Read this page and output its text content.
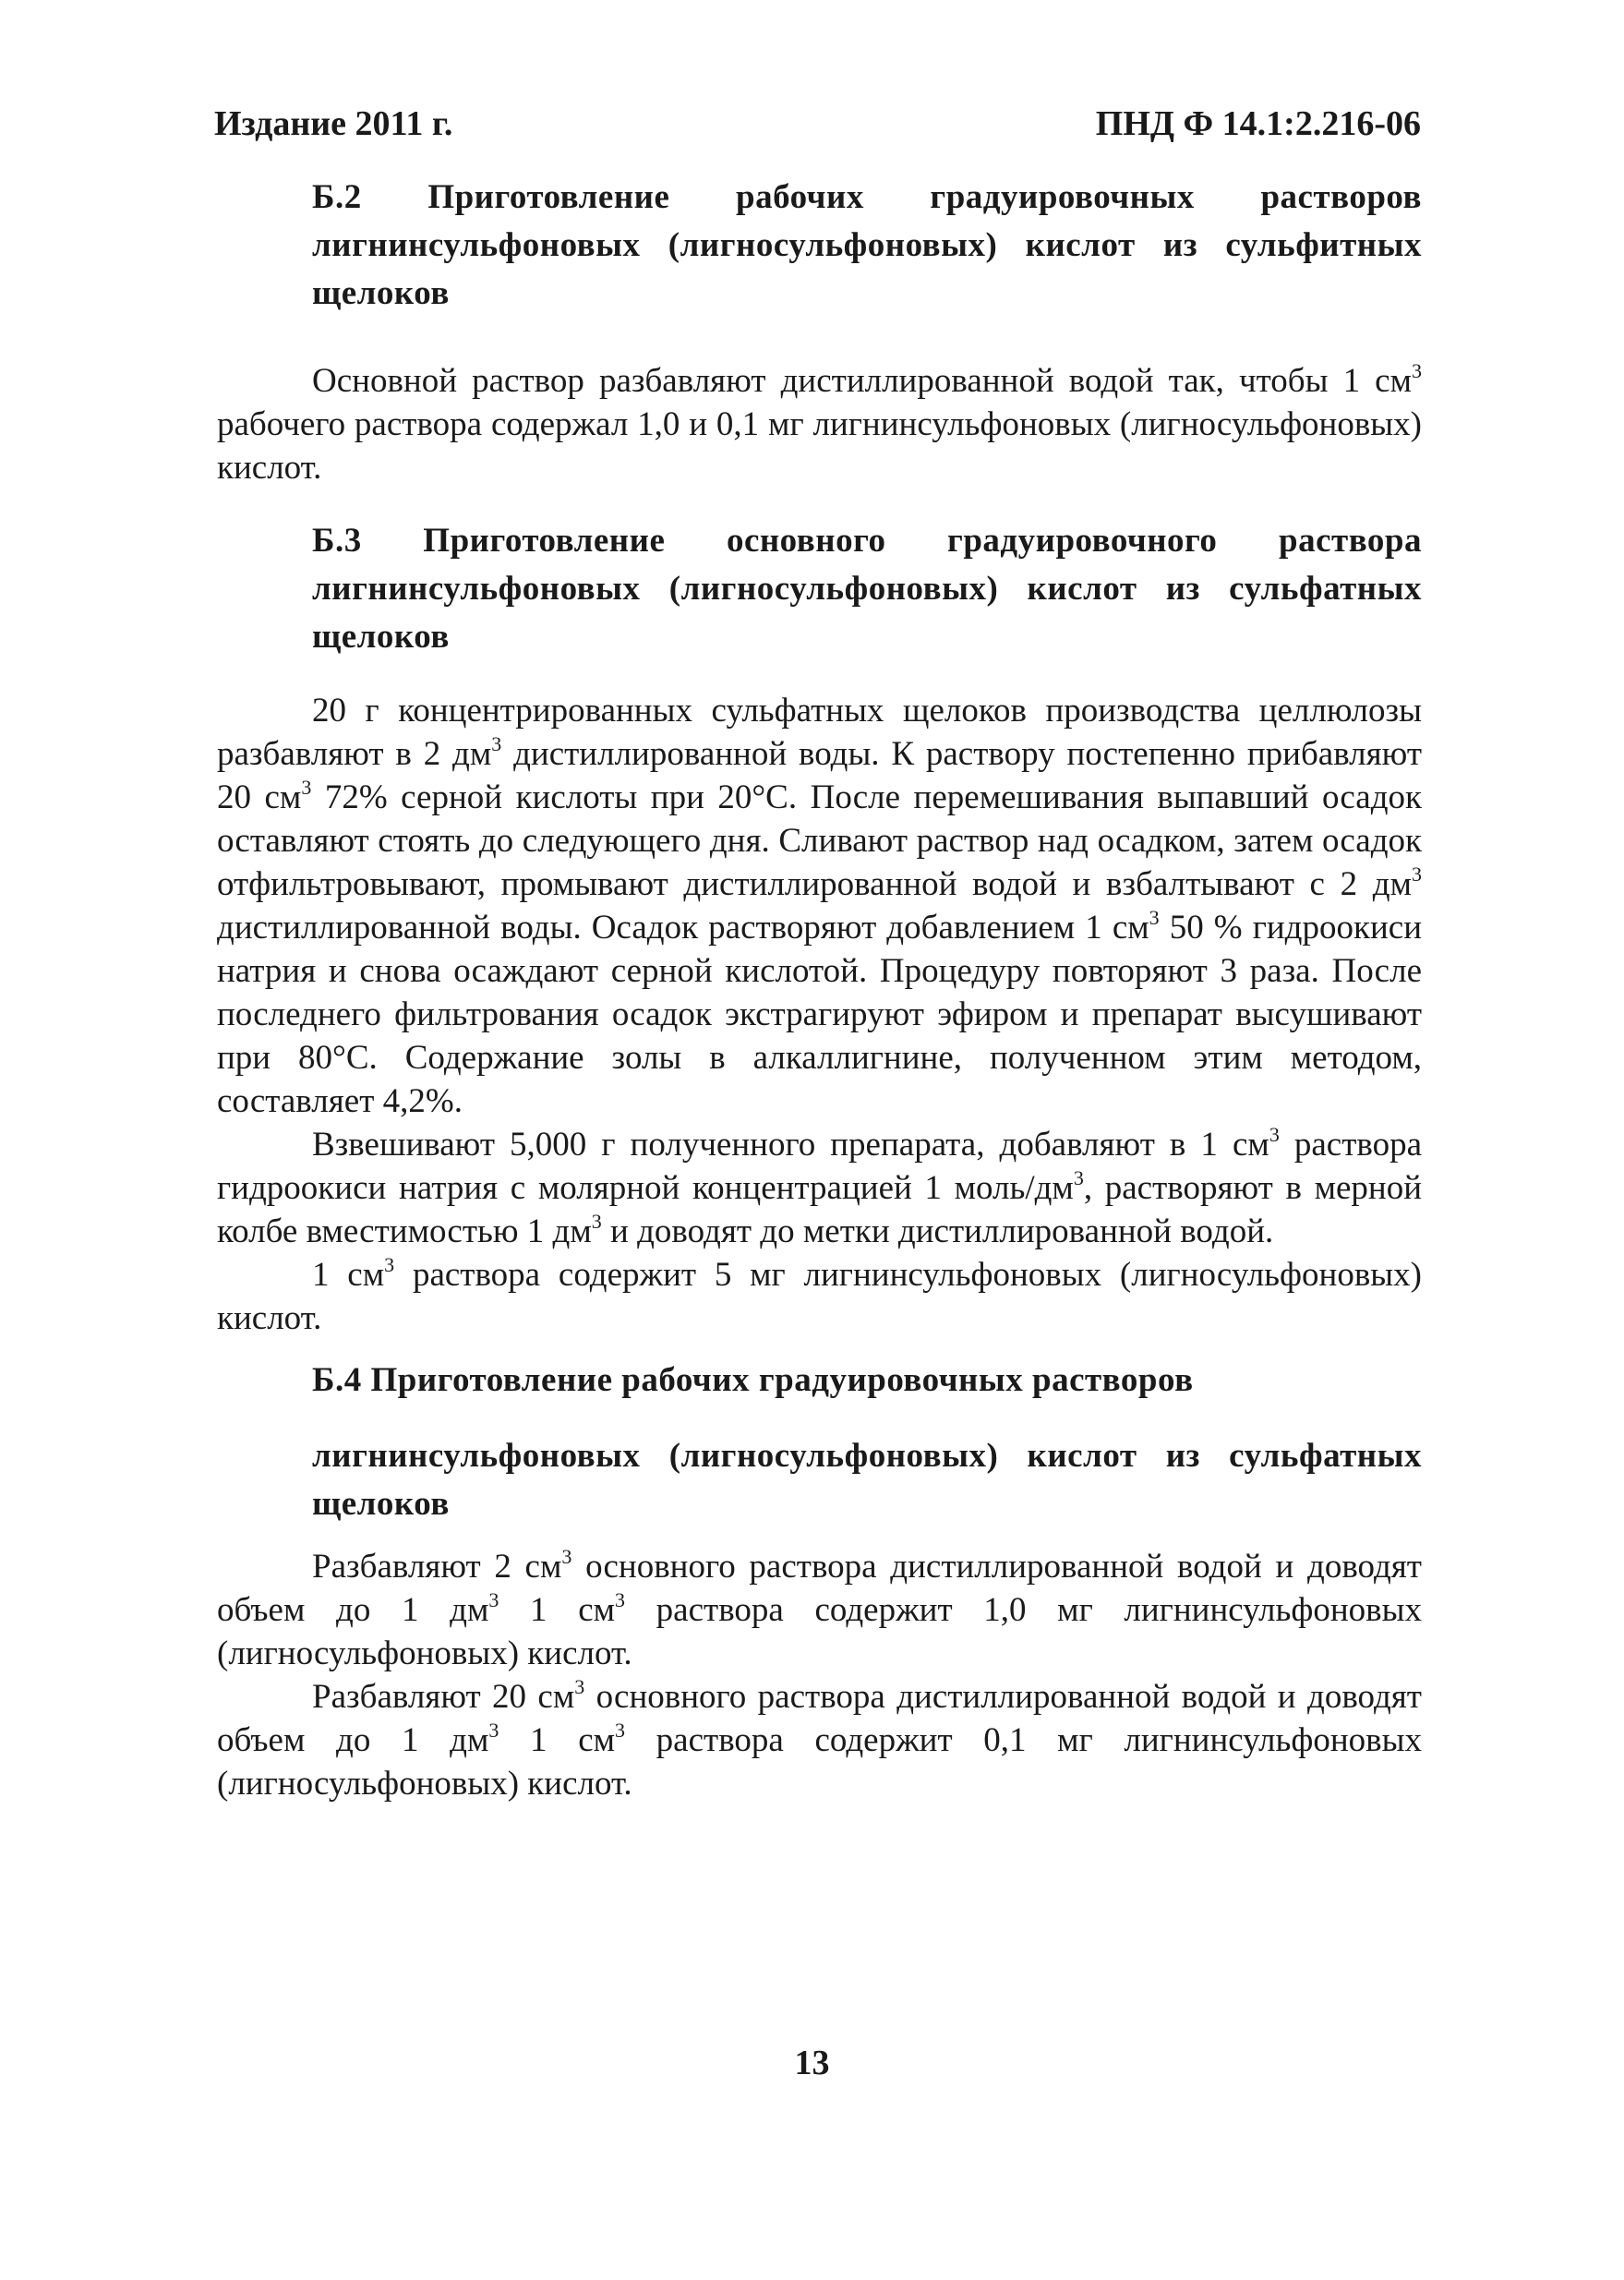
Издание 2011 г.	ПНД Ф 14.1:2.216-06
Б.2 Приготовление рабочих градуировочных растворов лигнинсульфоновых (лигносульфоновых) кислот из сульфитных щелоков

Основной раствор разбавляют дистиллированной водой так, чтобы 1 $см^3$ рабочего раствора содержал 1,0 и 0,1 мг лигнинсульфоновых (лигносульфоновых) кислот.

Б.3 Приготовление основного градуировочного раствора лигнинсульфоновых (лигносульфоновых) кислот из сульфатных щелоков

20 г концентрированных сульфатных щелоков производства целлюлозы разбавляют в 2 $дм^3$ дистиллированной воды. К раствору постепенно прибавляют 20 $см^3$ 72% серной кислоты при 20°С. После перемешивания выпавший осадок оставляют стоять до следующего дня. Сливают раствор над осадком, затем осадок отфильтровывают, промывают дистиллированной водой и взбалтывают с 2 $дм^3$ дистиллированной воды. Осадок растворяют добавлением 1 $см^3$ 50 % гидроокиси натрия и снова осаждают серной кислотой. Процедуру повторяют 3 раза. После последнего фильтрования осадок экстрагируют эфиром и препарат высушивают при 80°С. Содержание золы в алкаллигнине, полученном этим методом, составляет 4,2%.

Взвешивают 5,000 г полученного препарата, добавляют в 1 $см^3$ раствора гидроокиси натрия с молярной концентрацией 1 моль/$дм^3$, растворяют в мерной колбе вместимостью 1 $дм^3$ и доводят до метки дистиллированной водой.

1 $см^3$ раствора содержит 5 мг лигнинсульфоновых (лигносульфоновых) кислот.

Б.4 Приготовление рабочих градуировочных растворов
лигнинсульфоновых (лигносульфоновых) кислот из сульфатных щелоков

Разбавляют 2 $см^3$ основного раствора дистиллированной водой и доводят объем до 1 $дм^3$ 1 $см^3$ раствора содержит 1,0 мг лигнинсульфоновых (лигносульфоновых) кислот.

Разбавляют 20 $см^3$ основного раствора дистиллированной водой и доводят объем до 1 $дм^3$ 1 $см^3$ раствора содержит 0,1 мг лигнинсульфоновых (лигносульфоновых) кислот.

13
